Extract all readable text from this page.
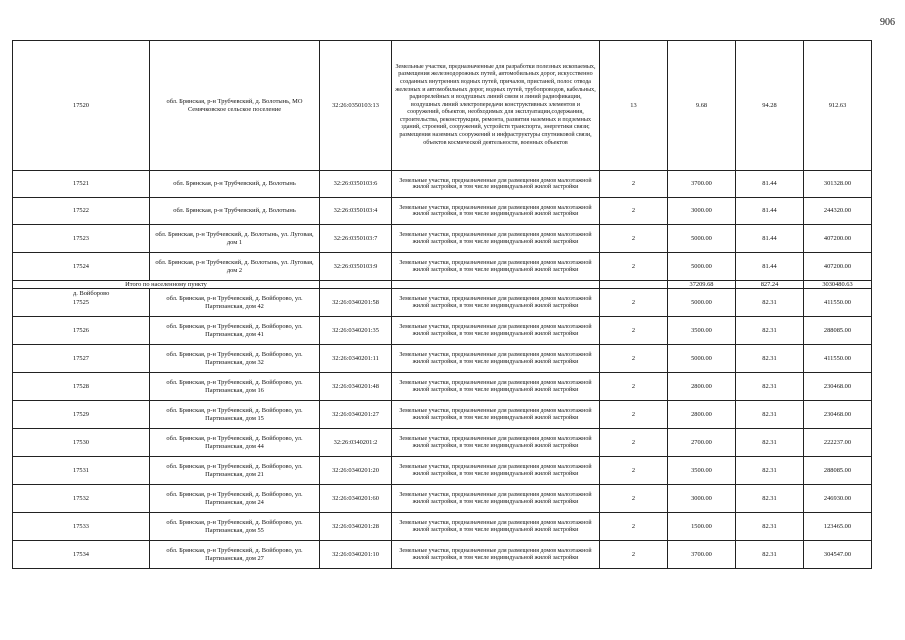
906
17520	обл. Брянская, р-н Трубчевский, д. Волотынь, МО Семячковское сельское поселение	32:26:0350103:13	Земельные участки, предназначенные для разработки полезных ископаемых, размещения железнодорожных путей, автомобильных дорог, искусственно созданных внутренних водных путей, причалов, пристаней, полос отвода железных и автомобильных дорог, водных путей, трубопроводов, кабельных, радиорелейных и воздушных линий связи и линий радиофикации, воздушных линий электропередачи конструктивных элементов и сооружений, объектов, необходимых для эксплуатации,содержания, строительства, реконструкции, ремонта, развития наземных и подземных зданий, строений, сооружений, устройств транспорта, энергетики связи; размещения наземных сооружений и инфраструктуры спутниковой связи, объектов космической деятельности, военных объектов	13	9.68	94.28	912.63
17521	обл. Брянская, р-н Трубчевский, д. Волотынь	32:26:0350103:6	Земельные участки, предназначенные для размещения домов малоэтажной жилой застройки, в том числе индивидуальной жилой застройки	2	3700.00	81.44	301328.00
17522	обл. Брянская, р-н Трубчевский, д. Волотынь	32:26:0350103:4	Земельные участки, предназначенные для размещения домов малоэтажной жилой застройки, в том числе индивидуальной жилой застройки	2	3000.00	81.44	244320.00
17523	обл. Брянская, р-н Трубчевский, д. Волотынь, ул. Луговая, дом 1	32:26:0350103:7	Земельные участки, предназначенные для размещения домов малоэтажной жилой застройки, в том числе индивидуальной жилой застройки	2	5000.00	81.44	407200.00
17524	обл. Брянская, р-н Трубчевский, д. Волотынь, ул. Луговая, дом 2	32:26:0350103:9	Земельные участки, предназначенные для размещения домов малоэтажной жилой застройки, в том числе индивидуальной жилой застройки	2	5000.00	81.44	407200.00
Итого по населенному пункту					37209.68	827.24	3030480.63

д. Войборово
17525	обл. Брянская, р-н Трубчевский, д. Войборово, ул. Партизанская, дом 42	32:26:0340201:58	Земельные участки, предназначенные для размещения домов малоэтажной жилой застройки, в том числе индивидуальной жилой застройки	2	5000.00	82.31	411550.00
17526	обл. Брянская, р-н Трубчевский, д. Войборово, ул. Партизанская, дом 41	32:26:0340201:35	Земельные участки, предназначенные для размещения домов малоэтажной жилой застройки, в том числе индивидуальной жилой застройки	2	3500.00	82.31	288085.00
17527	обл. Брянская, р-н Трубчевский, д. Войборово, ул. Партизанская, дом 32	32:26:0340201:11	Земельные участки, предназначенные для размещения домов малоэтажной жилой застройки, в том числе индивидуальной жилой застройки	2	5000.00	82.31	411550.00
17528	обл. Брянская, р-н Трубчевский, д. Войборово, ул. Партизанская, дом 16	32:26:0340201:48	Земельные участки, предназначенные для размещения домов малоэтажной жилой застройки, в том числе индивидуальной жилой застройки	2	2800.00	82.31	230468.00
17529	обл. Брянская, р-н Трубчевский, д. Войборово, ул. Партизанская, дом 15	32:26:0340201:27	Земельные участки, предназначенные для размещения домов малоэтажной жилой застройки, в том числе индивидуальной жилой застройки	2	2800.00	82.31	230468.00
17530	обл. Брянская, р-н Трубчевский, д. Войборово, ул. Партизанская, дом 44	32:26:0340201:2	Земельные участки, предназначенные для размещения домов малоэтажной жилой застройки, в том числе индивидуальной жилой застройки	2	2700.00	82.31	222237.00
17531	обл. Брянская, р-н Трубчевский, д. Войборово, ул. Партизанская, дом 21	32:26:0340201:20	Земельные участки, предназначенные для размещения домов малоэтажной жилой застройки, в том числе индивидуальной жилой застройки	2	3500.00	82.31	288085.00
17532	обл. Брянская, р-н Трубчевский, д. Войборово, ул. Партизанская, дом 24	32:26:0340201:60	Земельные участки, предназначенные для размещения домов малоэтажной жилой застройки, в том числе индивидуальной жилой застройки	2	3000.00	82.31	246930.00
17533	обл. Брянская, р-н Трубчевский, д. Войборово, ул. Партизанская, дом 55	32:26:0340201:28	Земельные участки, предназначенные для размещения домов малоэтажной жилой застройки, в том числе индивидуальной жилой застройки	2	1500.00	82.31	123465.00
17534	обл. Брянская, р-н Трубчевский, д. Войборово, ул. Партизанская, дом 27	32:26:0340201:10	Земельные участки, предназначенные для размещения домов малоэтажной жилой застройки, в том числе индивидуальной жилой застройки	2	3700.00	82.31	304547.00
